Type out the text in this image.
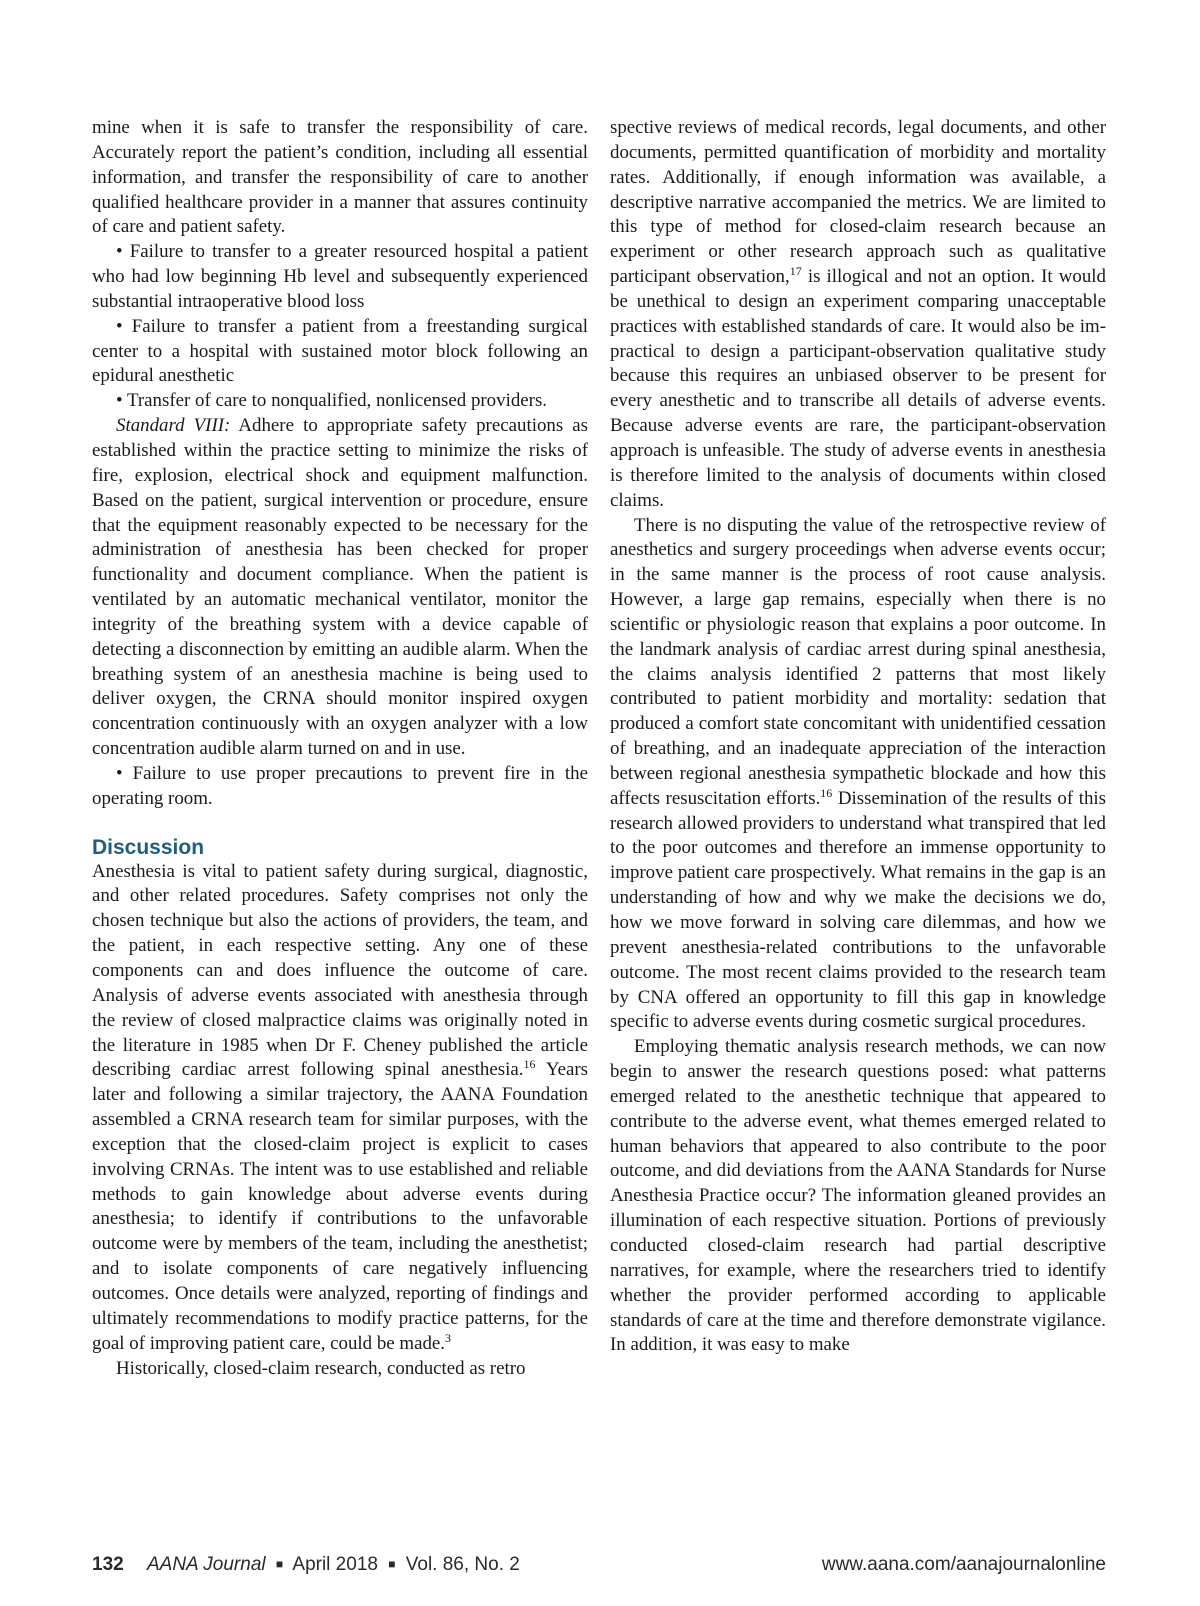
mine when it is safe to transfer the responsibility of care. Accurately report the patient’s condition, including all essential information, and transfer the responsibility of care to another qualified healthcare provider in a manner that assures continuity of care and patient safety.

• Failure to transfer to a greater resourced hospital a patient who had low beginning Hb level and subsequently experienced substantial intraoperative blood loss

• Failure to transfer a patient from a freestanding surgical center to a hospital with sustained motor block following an epidural anesthetic

• Transfer of care to nonqualified, nonlicensed providers.

Standard VIII: Adhere to appropriate safety precautions as established within the practice setting to minimize the risks of fire, explosion, electrical shock and equipment malfunction. Based on the patient, surgical intervention or procedure, ensure that the equipment reasonably expected to be necessary for the administration of anesthesia has been checked for proper functionality and document compliance. When the patient is ventilated by an automatic mechanical ventilator, monitor the integrity of the breathing system with a device capable of detecting a disconnection by emitting an audible alarm. When the breathing system of an anesthesia machine is being used to deliver oxygen, the CRNA should monitor inspired oxygen concentration continuously with an oxygen analyzer with a low concentration audible alarm turned on and in use.

• Failure to use proper precautions to prevent fire in the operating room.

Discussion

Anesthesia is vital to patient safety during surgical, diagnostic, and other related procedures. Safety comprises not only the chosen technique but also the actions of providers, the team, and the patient, in each respective setting. Any one of these components can and does influence the outcome of care. Analysis of adverse events associated with anesthesia through the review of closed malpractice claims was originally noted in the literature in 1985 when Dr F. Cheney published the article describing cardiac arrest following spinal anesthesia.$^{16}$ Years later and following a similar trajectory, the AANA Foundation assembled a CRNA research team for similar purposes, with the exception that the closed-claim project is explicit to cases involving CRNAs. The intent was to use established and reliable methods to gain knowledge about adverse events during anesthesia; to identify if contributions to the unfavorable outcome were by members of the team, including the anesthetist; and to isolate components of care negatively influencing outcomes. Once details were analyzed, reporting of findings and ultimately recommendations to modify practice patterns, for the goal of improving patient care, could be made.$^3$

Historically, closed-claim research, conducted as retro

spective reviews of medical records, legal documents, and other documents, permitted quantification of morbidity and mortality rates. Additionally, if enough information was available, a descriptive narrative accompanied the metrics. We are limited to this type of method for closed-claim research because an experiment or other research approach such as qualitative participant observation,$^{17}$ is illogical and not an option. It would be unethical to design an experiment comparing unacceptable practices with established standards of care. It would also be impractical to design a participant-observation qualitative study because this requires an unbiased observer to be present for every anesthetic and to transcribe all details of adverse events. Because adverse events are rare, the participant-observation approach is unfeasible. The study of adverse events in anesthesia is therefore limited to the analysis of documents within closed claims.

There is no disputing the value of the retrospective review of anesthetics and surgery proceedings when adverse events occur; in the same manner is the process of root cause analysis. However, a large gap remains, especially when there is no scientific or physiologic reason that explains a poor outcome. In the landmark analysis of cardiac arrest during spinal anesthesia, the claims analysis identified 2 patterns that most likely contributed to patient morbidity and mortality: sedation that produced a comfort state concomitant with unidentified cessation of breathing, and an inadequate appreciation of the interaction between regional anesthesia sympathetic blockade and how this affects resuscitation efforts.$^{16}$ Dissemination of the results of this research allowed providers to understand what transpired that led to the poor outcomes and therefore an immense opportunity to improve patient care prospectively. What remains in the gap is an understanding of how and why we make the decisions we do, how we move forward in solving care dilemmas, and how we prevent anesthesia-related contributions to the unfavorable outcome. The most recent claims provided to the research team by CNA offered an opportunity to fill this gap in knowledge specific to adverse events during cosmetic surgical procedures.

Employing thematic analysis research methods, we can now begin to answer the research questions posed: what patterns emerged related to the anesthetic technique that appeared to contribute to the adverse event, what themes emerged related to human behaviors that appeared to also contribute to the poor outcome, and did deviations from the AANA Standards for Nurse Anesthesia Practice occur? The information gleaned provides an illumination of each respective situation. Portions of previously conducted closed-claim research had partial descriptive narratives, for example, where the researchers tried to identify whether the provider performed according to applicable standards of care at the time and therefore demonstrate vigilance. In addition, it was easy to make

132 AANA Journal ■ April 2018 ■ Vol. 86, No. 2	www.aana.com/aanajournalonline
